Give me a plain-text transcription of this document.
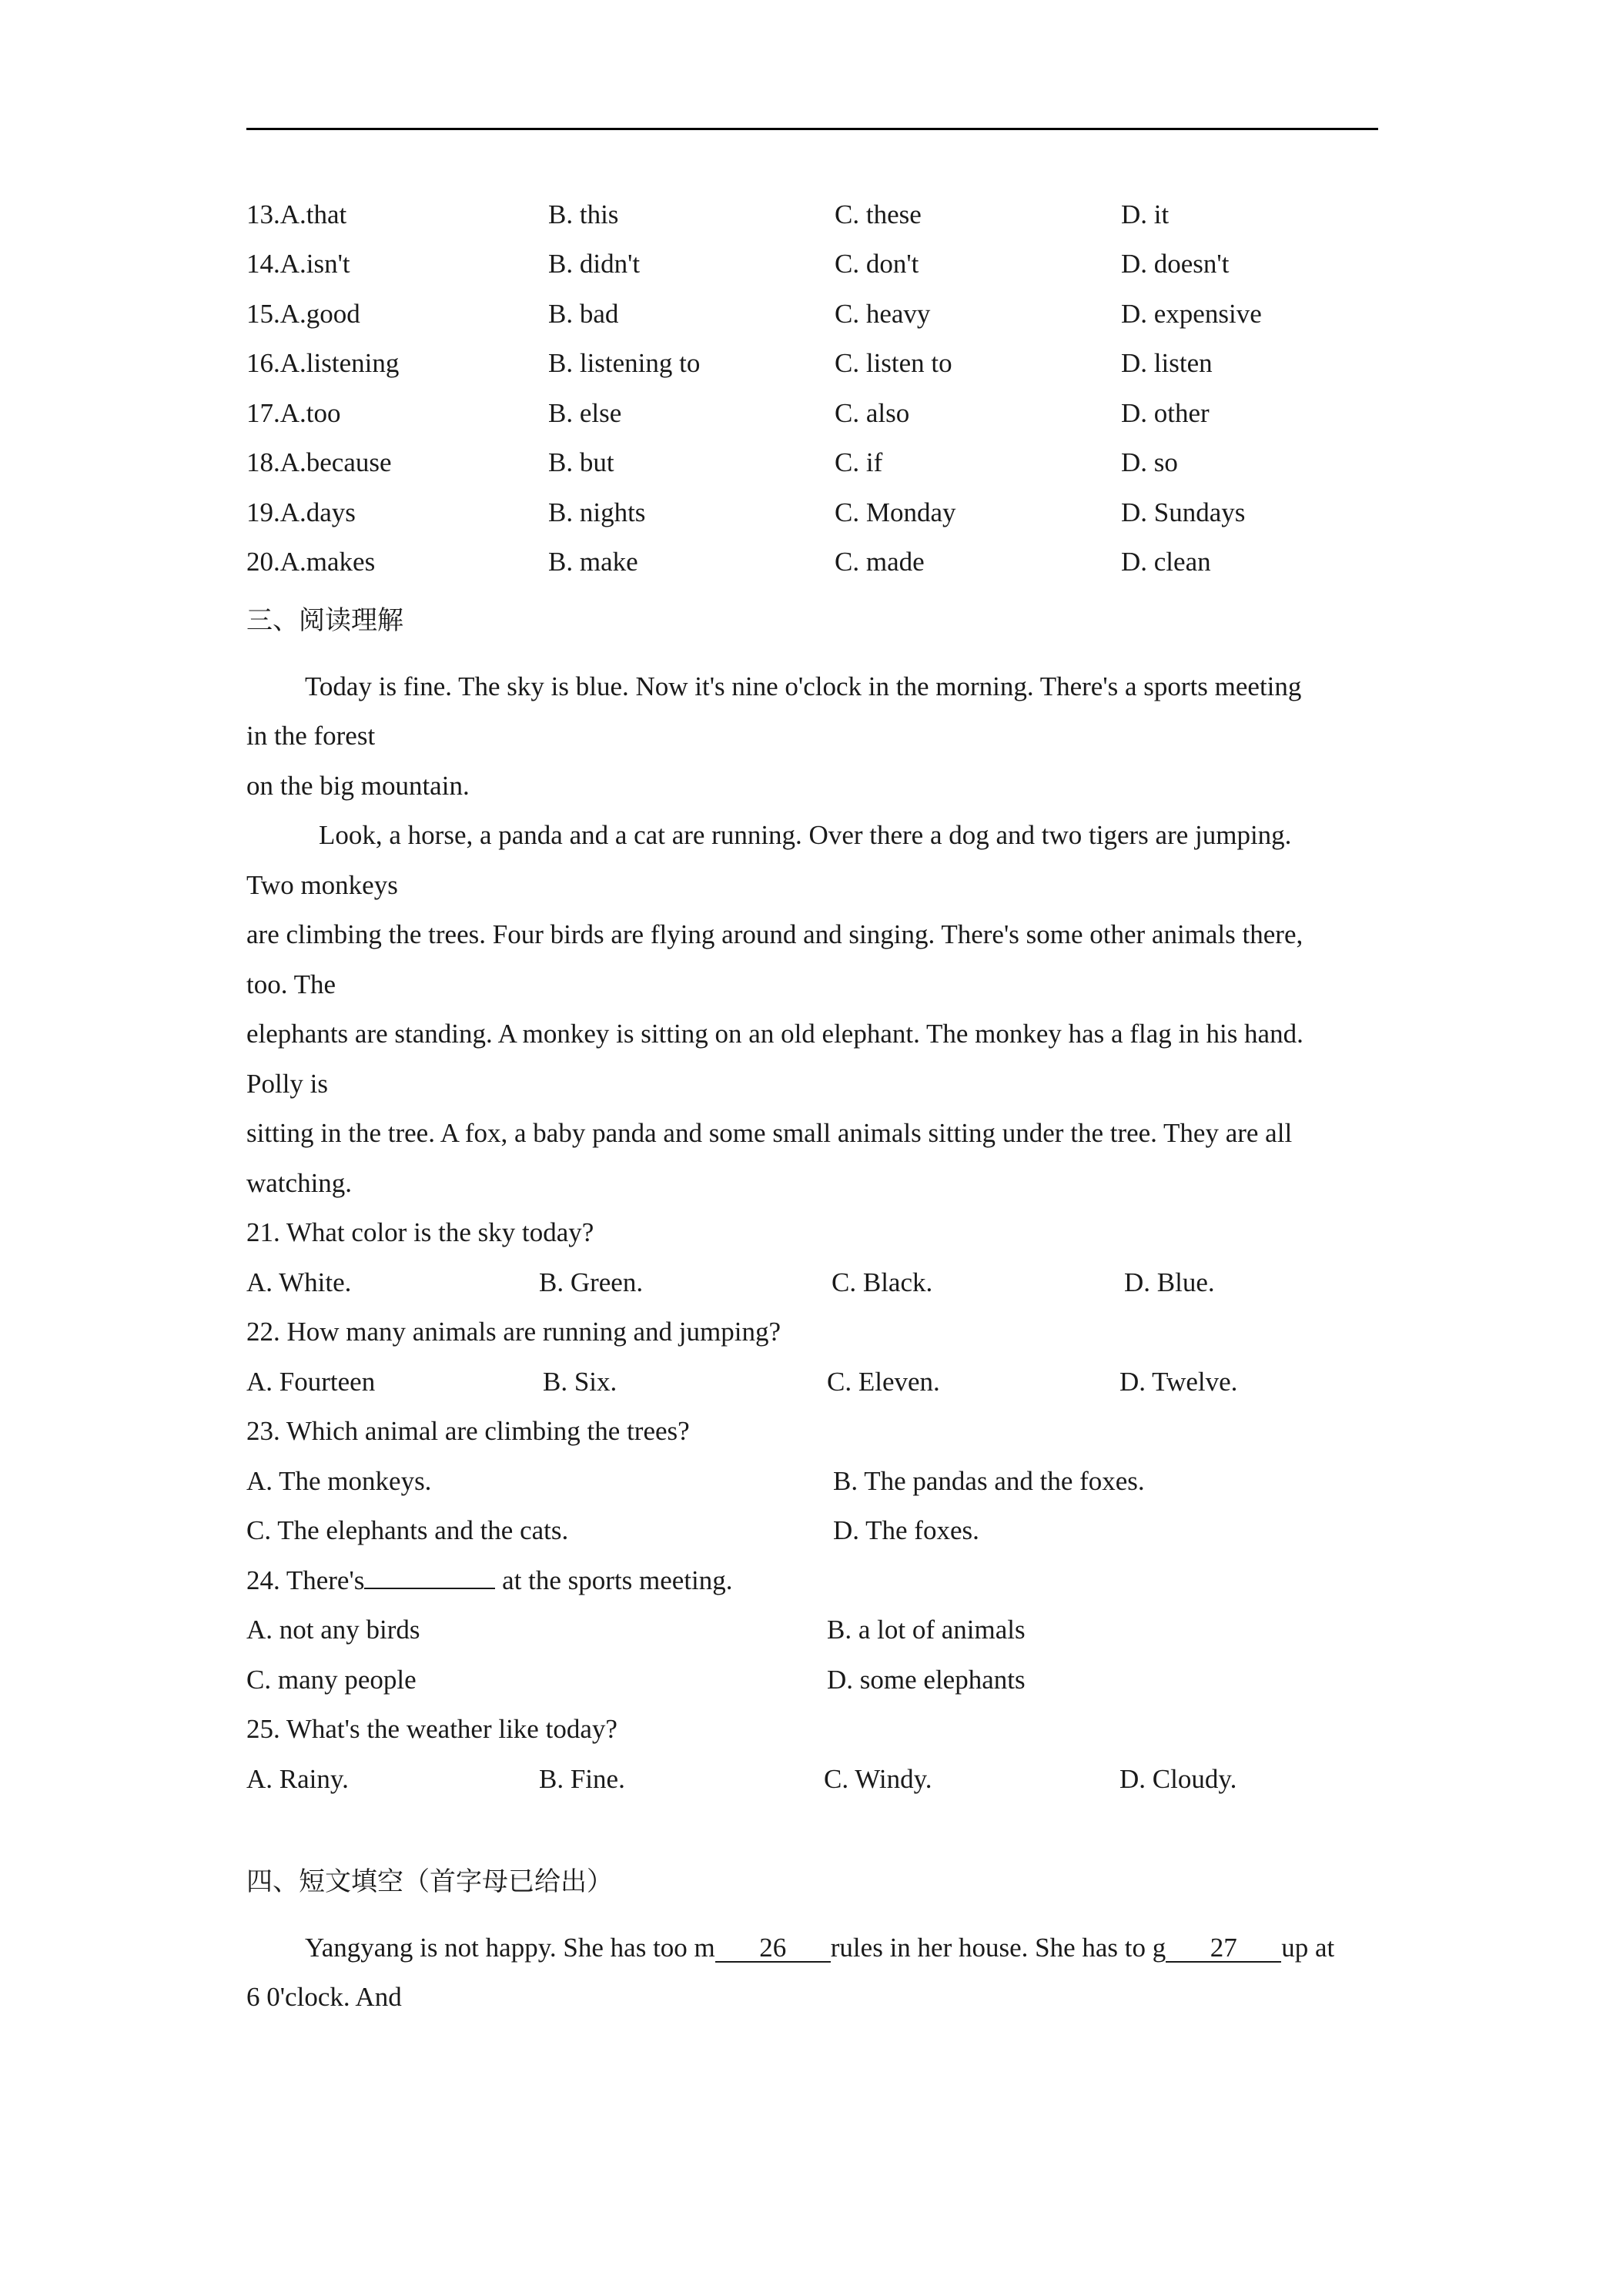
13.A.that	B. this	C. these	D. it
14.A.isn't	B. didn't	C. don't	D. doesn't
15.A.good	B. bad	C. heavy	D. expensive
16.A.listening	B. listening to	C. listen to	D. listen
17.A.too	B. else	C. also	D. other
18.A.because	B. but	C. if	D. so
19.A.days	B. nights	C. Monday	D. Sundays
20.A.makes	B. make	C. made	D. clean
三、阅读理解
Today is fine. The sky is blue. Now it's nine o'clock in the morning. There's a sports meeting
in the forest
on the big mountain.
Look, a horse, a panda and a cat are running. Over there a dog and two tigers are jumping.
Two monkeys
are climbing the trees. Four birds are flying around and singing. There's some other animals there,
too. The
elephants are standing. A monkey is sitting on an old elephant. The monkey has a flag in his hand.
Polly is
sitting in the tree. A fox, a baby panda and some small animals sitting under the tree. They are all
watching.
21. What color is the sky today?
A. White.	B. Green.	C. Black.	D. Blue.
22. How many animals are running and jumping?
A. Fourteen	B. Six.	C. Eleven.	D. Twelve.
23. Which animal are climbing the trees?
A. The monkeys.	B. The pandas and the foxes.
C. The elephants and the cats.	D. The foxes.
24. There's	at the sports meeting.
A. not any birds	B. a lot of animals
C. many people	D. some elephants
25. What's the weather like today?
A. Rainy.	B. Fine.	C. Windy.	D. Cloudy.
四、短文填空（首字母已给出）
Yangyang is not happy. She has too m 26 rules in her house. She has to g 27 up at
6 0'clock. And
